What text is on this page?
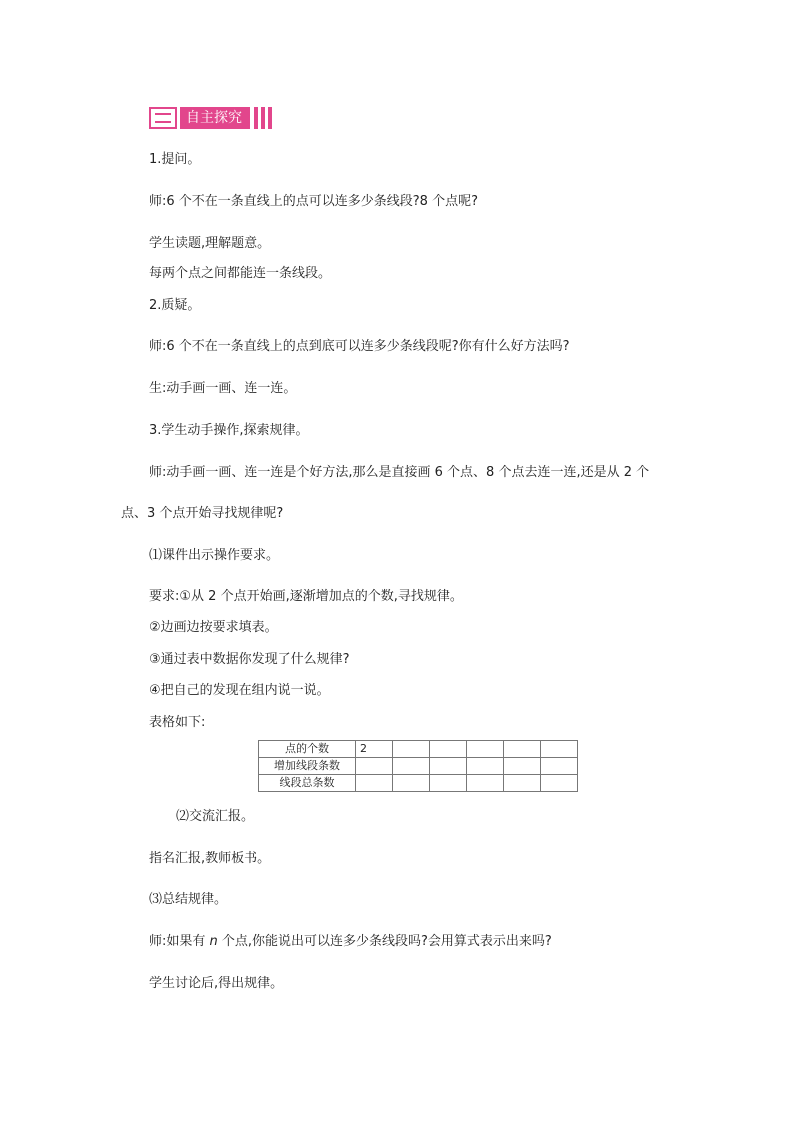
自主探究
1.提问。
师:6 个不在一条直线上的点可以连多少条线段?8 个点呢?
学生读题,理解题意。
每两个点之间都能连一条线段。
2.质疑。
师:6 个不在一条直线上的点到底可以连多少条线段呢?你有什么好方法吗?
生:动手画一画、连一连。
3.学生动手操作,探索规律。
师:动手画一画、连一连是个好方法,那么是直接画 6 个点、8 个点去连一连,还是从 2 个
点、3 个点开始寻找规律呢?
⑴课件出示操作要求。
要求:①从 2 个点开始画,逐渐增加点的个数,寻找规律。
②边画边按要求填表。
③通过表中数据你发现了什么规律?
④把自己的发现在组内说一说。
表格如下:
点的个数	2					
增加线段条数						
线段总条数						
⑵交流汇报。
指名汇报,教师板书。
⑶总结规律。
师:如果有 n 个点,你能说出可以连多少条线段吗?会用算式表示出来吗?
学生讨论后,得出规律。
